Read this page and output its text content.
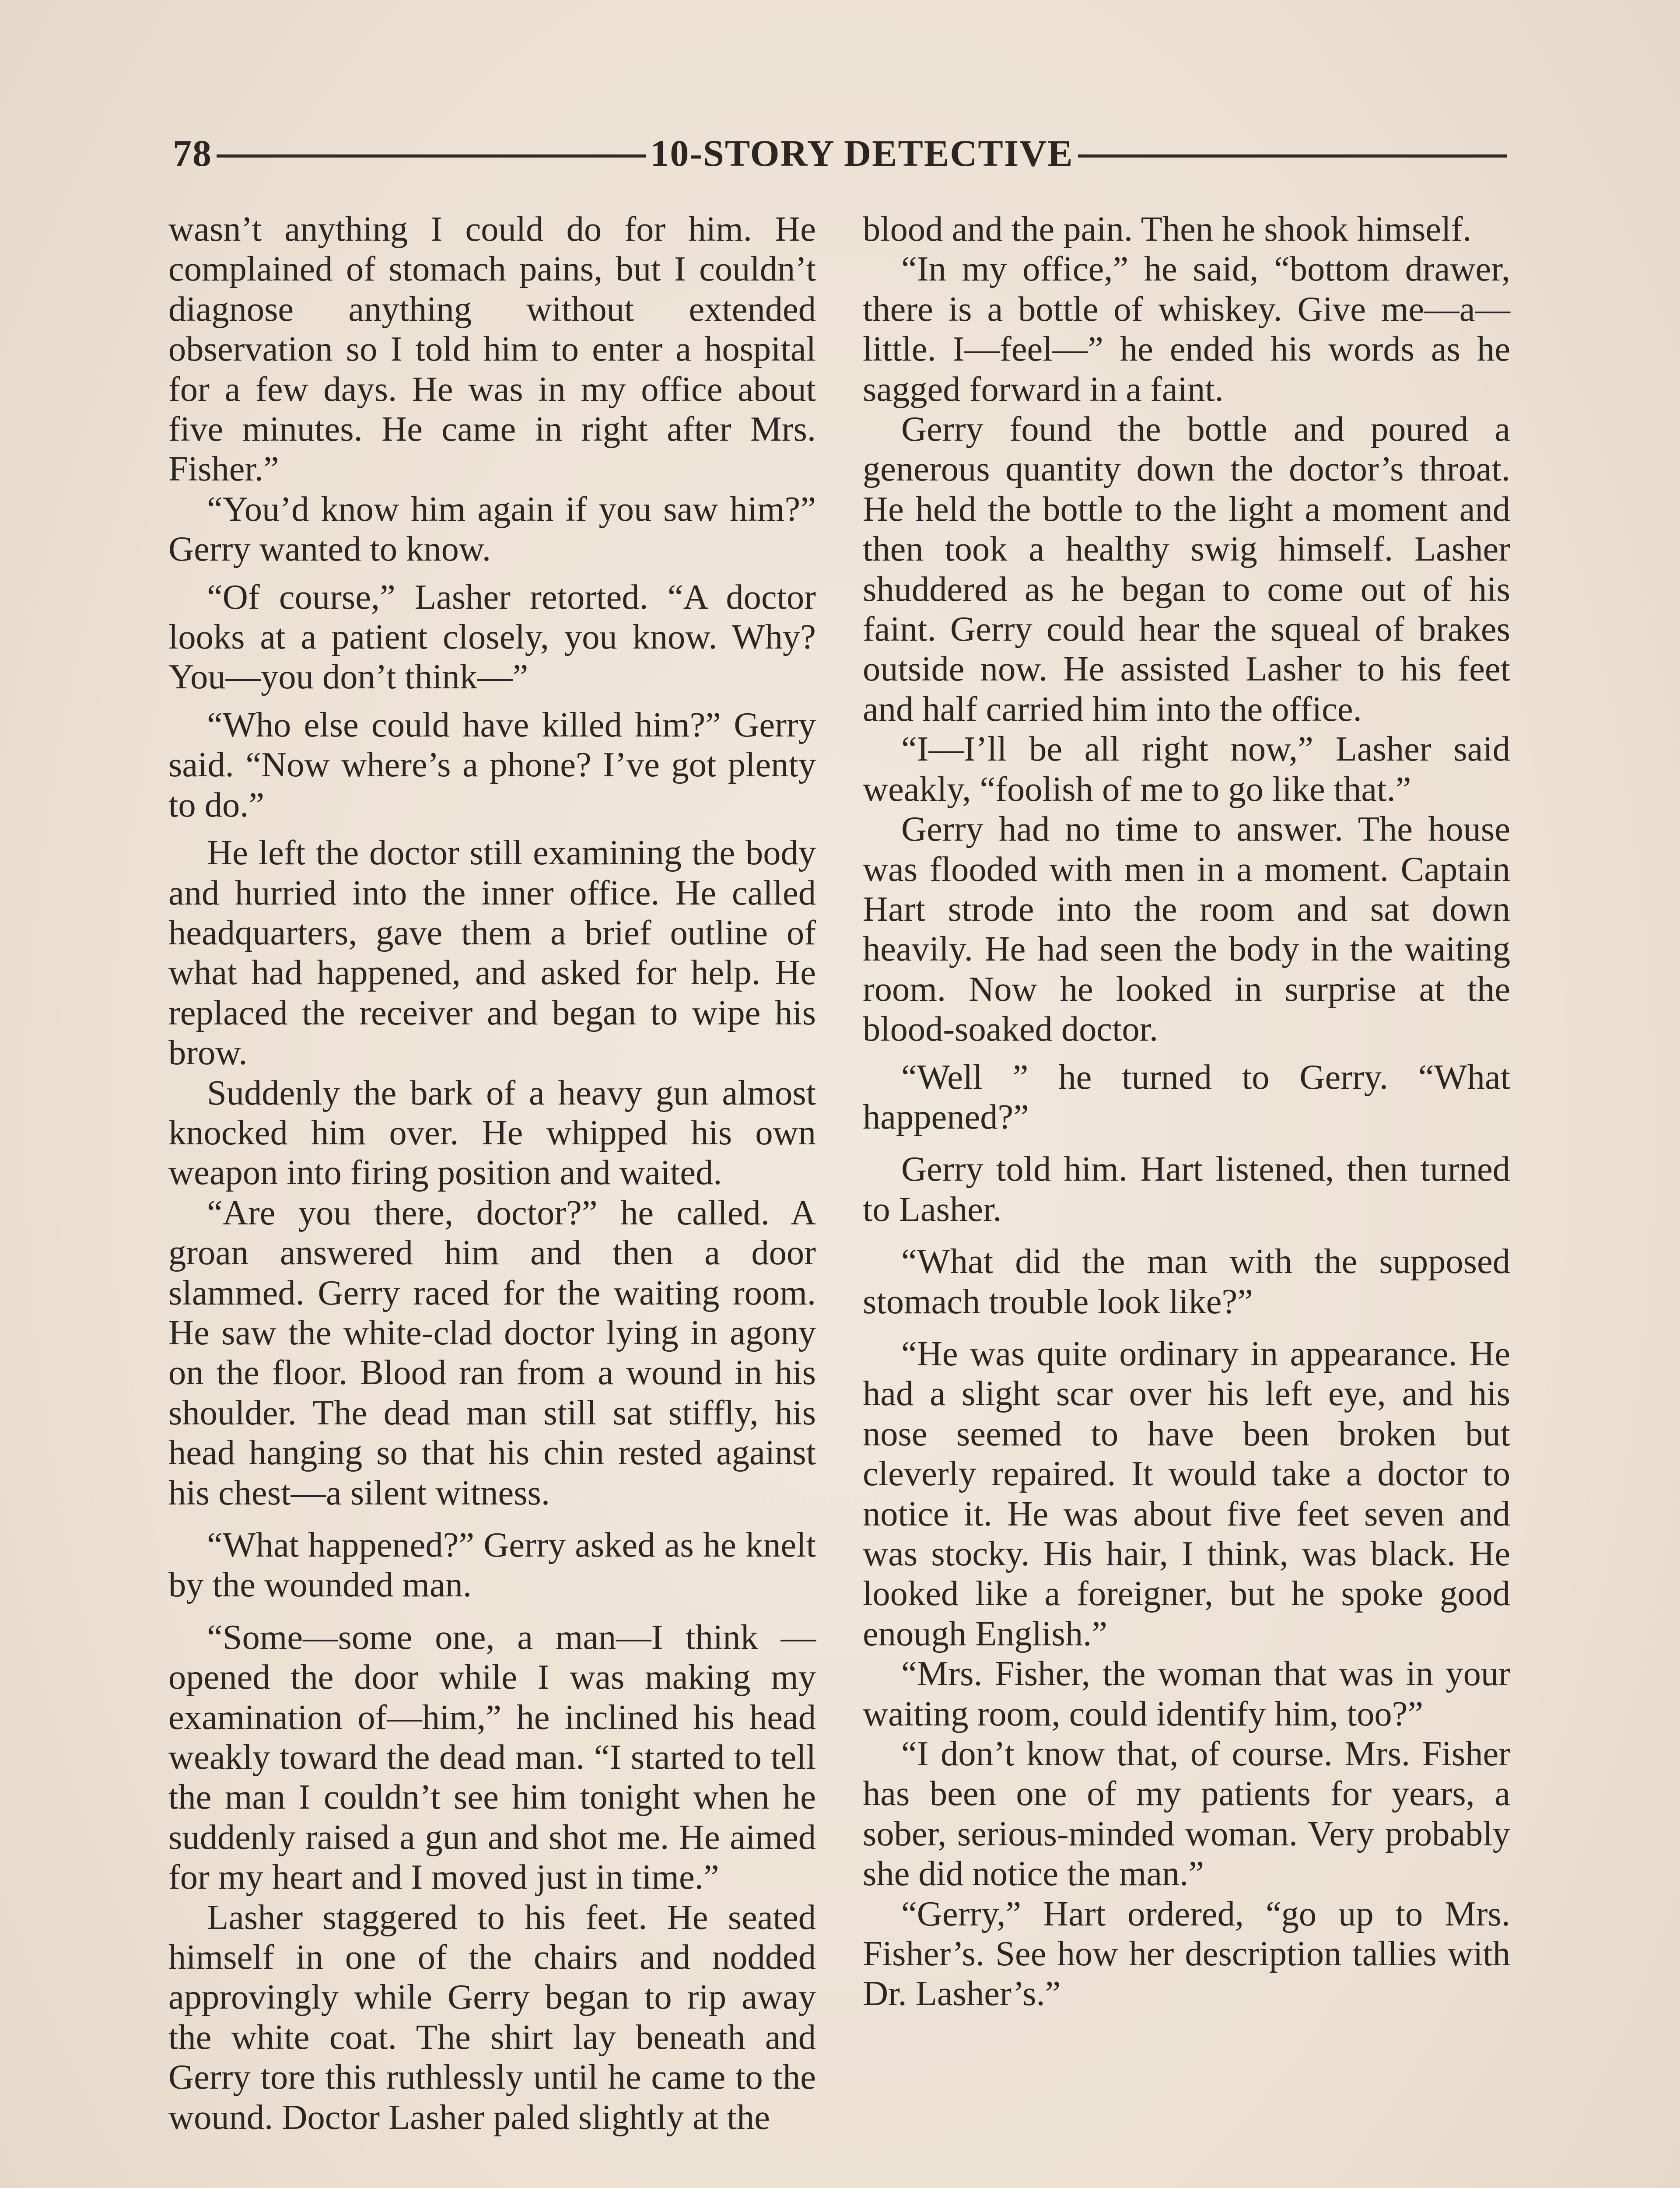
78	10-STORY DETECTIVE

wasn’t anything I could do for him. He complained of stomach pains, but I couldn’t diagnose anything without extended observation so I told him to enter a hospital for a few days. He was in my office about five minutes. He came in right after Mrs. Fisher.”

“You’d know him again if you saw him?” Gerry wanted to know.

“Of course,” Lasher retorted. “A doctor looks at a patient closely, you know. Why? You—you don’t think—”

“Who else could have killed him?” Gerry said. “Now where’s a phone? I’ve got plenty to do.”

He left the doctor still examining the body and hurried into the inner office. He called headquarters, gave them a brief outline of what had happened, and asked for help. He replaced the receiver and began to wipe his brow.

Suddenly the bark of a heavy gun almost knocked him over. He whipped his own weapon into firing position and waited.

“Are you there, doctor?” he called. A groan answered him and then a door slammed. Gerry raced for the waiting room. He saw the white-clad doctor lying in agony on the floor. Blood ran from a wound in his shoulder. The dead man still sat stiffly, his head hanging so that his chin rested against his chest—a silent witness.

“What happened?” Gerry asked as he knelt by the wounded man.

“Some—some one, a man—I think —opened the door while I was making my examination of—him,” he inclined his head weakly toward the dead man. “I started to tell the man I couldn’t see him tonight when he suddenly raised a gun and shot me. He aimed for my heart and I moved just in time.”

Lasher staggered to his feet. He seated himself in one of the chairs and nodded approvingly while Gerry began to rip away the white coat. The shirt lay beneath and Gerry tore this ruthlessly until he came to the wound. Doctor Lasher paled slightly at the

blood and the pain. Then he shook himself.

“In my office,” he said, “bottom drawer, there is a bottle of whiskey. Give me—a—little. I—feel—” he ended his words as he sagged forward in a faint.

Gerry found the bottle and poured a generous quantity down the doctor’s throat. He held the bottle to the light a moment and then took a healthy swig himself. Lasher shuddered as he began to come out of his faint. Gerry could hear the squeal of brakes outside now. He assisted Lasher to his feet and half carried him into the office.

“I—I’ll be all right now,” Lasher said weakly, “foolish of me to go like that.”

Gerry had no time to answer. The house was flooded with men in a moment. Captain Hart strode into the room and sat down heavily. He had seen the body in the waiting room. Now he looked in surprise at the blood-soaked doctor.

“Well ” he turned to Gerry. “What happened?”

Gerry told him. Hart listened, then turned to Lasher.

“What did the man with the supposed stomach trouble look like?”

“He was quite ordinary in appearance. He had a slight scar over his left eye, and his nose seemed to have been broken but cleverly repaired. It would take a doctor to notice it. He was about five feet seven and was stocky. His hair, I think, was black. He looked like a foreigner, but he spoke good enough English.”

“Mrs. Fisher, the woman that was in your waiting room, could identify him, too?”

“I don’t know that, of course. Mrs. Fisher has been one of my patients for years, a sober, serious-minded woman. Very probably she did notice the man.”

“Gerry,” Hart ordered, “go up to Mrs. Fisher’s. See how her description tallies with Dr. Lasher’s.”
